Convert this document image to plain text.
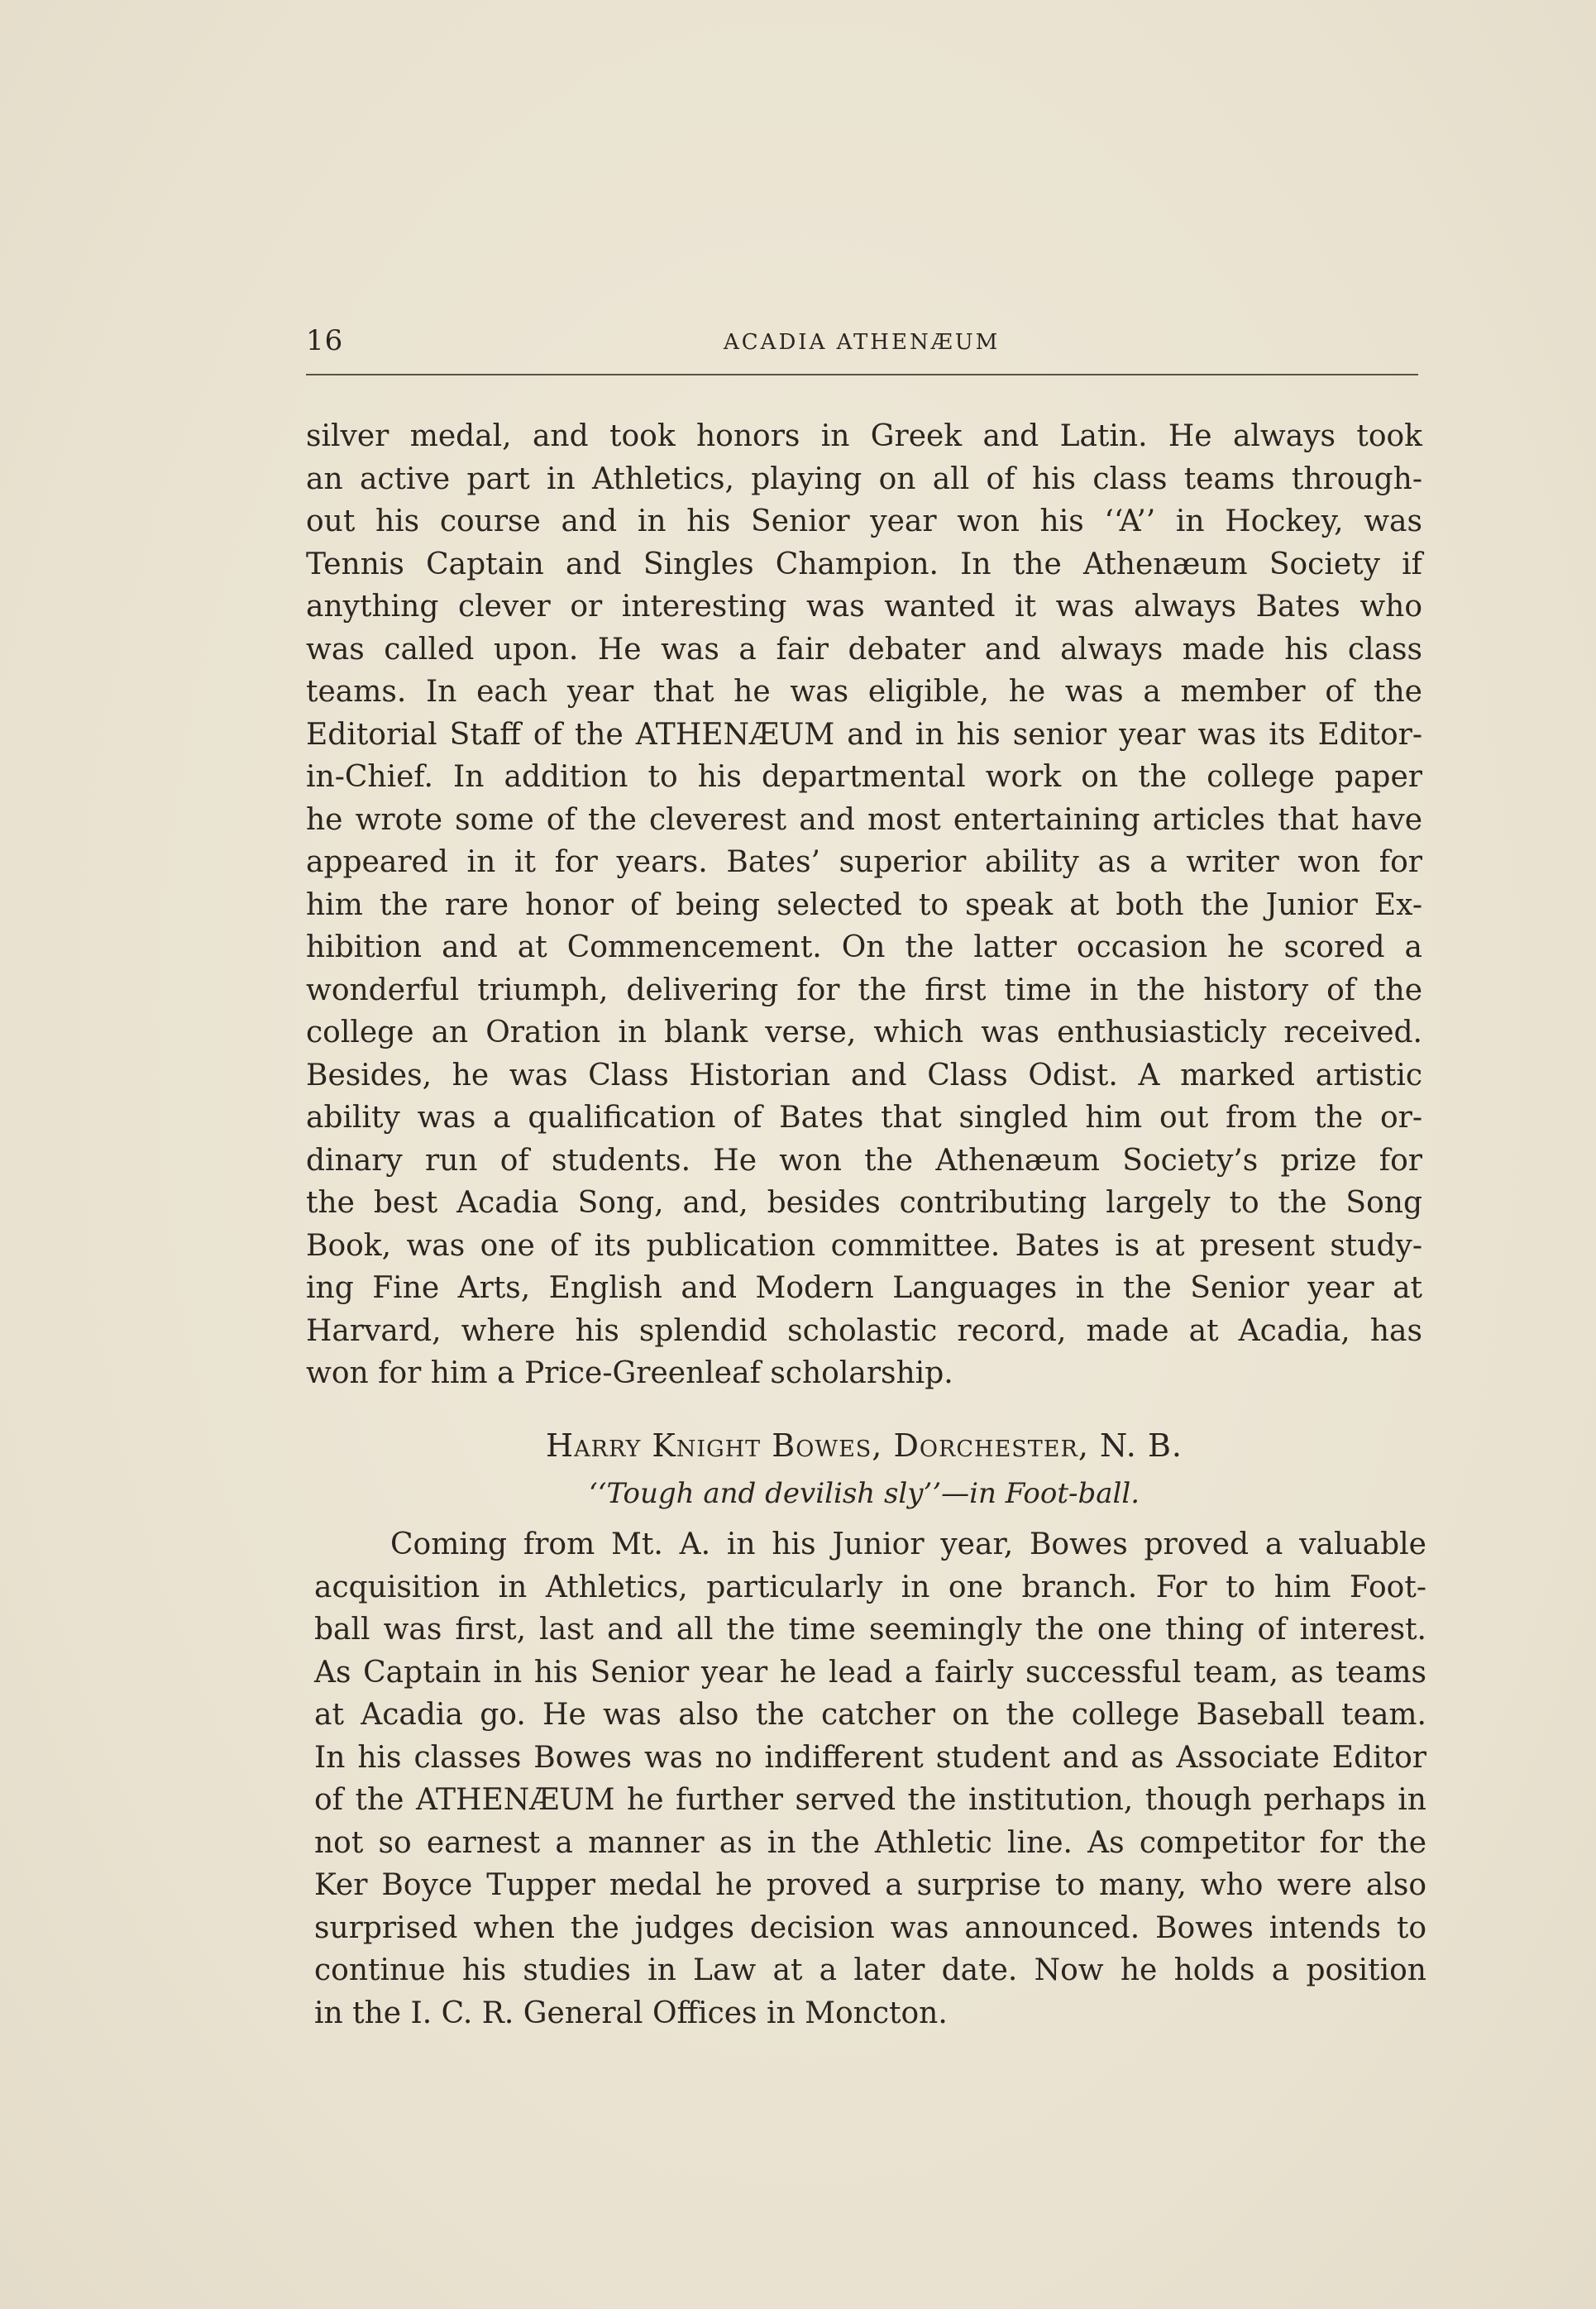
16	ACADIA ATHENÆUM
silver medal, and took honors in Greek and Latin. He always took
an active part in Athletics, playing on all of his class teams through-
out his course and in his Senior year won his ‘‘A’’ in Hockey, was
Tennis Captain and Singles Champion. In the Athenæum Society if
anything clever or interesting was wanted it was always Bates who
was called upon. He was a fair debater and always made his class
teams. In each year that he was eligible, he was a member of the
Editorial Staff of the ATHENÆUM and in his senior year was its Editor-
in-Chief. In addition to his departmental work on the college paper
he wrote some of the cleverest and most entertaining articles that have
appeared in it for years. Bates’ superior ability as a writer won for
him the rare honor of being selected to speak at both the Junior Ex-
hibition and at Commencement. On the latter occasion he scored a
wonderful triumph, delivering for the first time in the history of the
college an Oration in blank verse, which was enthusiasticly received.
Besides, he was Class Historian and Class Odist. A marked artistic
ability was a qualification of Bates that singled him out from the or-
dinary run of students. He won the Athenæum Society’s prize for
the best Acadia Song, and, besides contributing largely to the Song
Book, was one of its publication committee. Bates is at present study-
ing Fine Arts, English and Modern Languages in the Senior year at
Harvard, where his splendid scholastic record, made at Acadia, has
won for him a Price-Greenleaf scholarship.
Harry Knight Bowes, Dorchester, N. B.
‘‘Tough and devilish sly’’—in Foot-ball.
Coming from Mt. A. in his Junior year, Bowes proved a valuable
acquisition in Athletics, particularly in one branch. For to him Foot-
ball was first, last and all the time seemingly the one thing of interest.
As Captain in his Senior year he lead a fairly successful team, as teams
at Acadia go. He was also the catcher on the college Baseball team.
In his classes Bowes was no indifferent student and as Associate Editor
of the ATHENÆUM he further served the institution, though perhaps in
not so earnest a manner as in the Athletic line. As competitor for the
Ker Boyce Tupper medal he proved a surprise to many, who were also
surprised when the judges decision was announced. Bowes intends to
continue his studies in Law at a later date. Now he holds a position
in the I. C. R. General Offices in Moncton.
